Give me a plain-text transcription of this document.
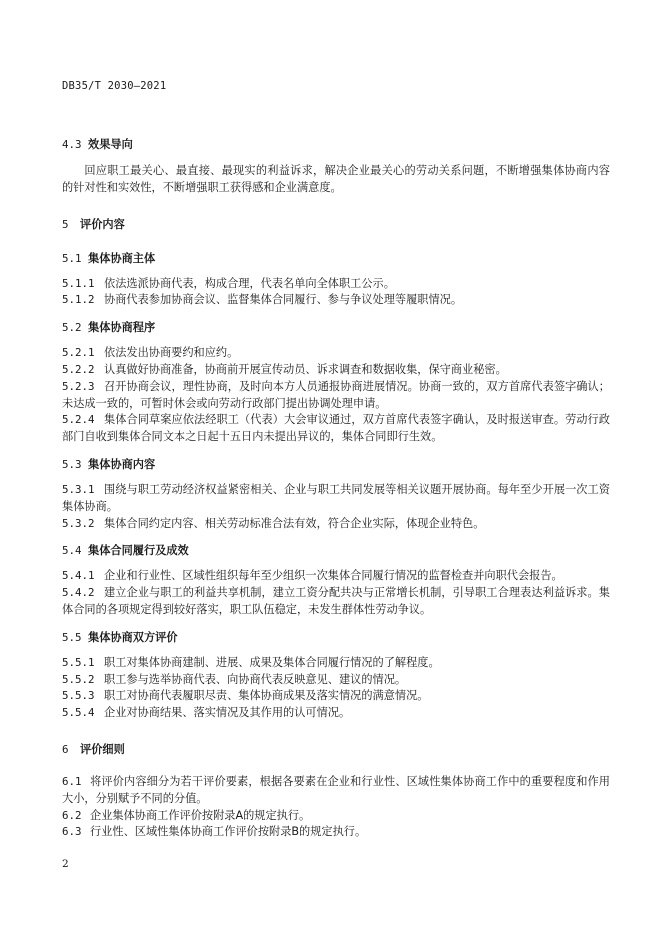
DB35/T 2030—2021
4.3 效果导向
回应职工最关心、最直接、最现实的利益诉求，解决企业最关心的劳动关系问题，不断增强集体协商内容的针对性和实效性，不断增强职工获得感和企业满意度。
5 评价内容
5.1 集体协商主体
5.1.1 依法选派协商代表，构成合理，代表名单向全体职工公示。
5.1.2 协商代表参加协商会议、监督集体合同履行、参与争议处理等履职情况。
5.2 集体协商程序
5.2.1 依法发出协商要约和应约。
5.2.2 认真做好协商准备，协商前开展宣传动员、诉求调查和数据收集，保守商业秘密。
5.2.3 召开协商会议，理性协商，及时向本方人员通报协商进展情况。协商一致的，双方首席代表签字确认；未达成一致的，可暂时休会或向劳动行政部门提出协调处理申请。
5.2.4 集体合同草案应依法经职工（代表）大会审议通过，双方首席代表签字确认，及时报送审查。劳动行政部门自收到集体合同文本之日起十五日内未提出异议的，集体合同即行生效。
5.3 集体协商内容
5.3.1 围绕与职工劳动经济权益紧密相关、企业与职工共同发展等相关议题开展协商。每年至少开展一次工资集体协商。
5.3.2 集体合同约定内容、相关劳动标准合法有效，符合企业实际，体现企业特色。
5.4 集体合同履行及成效
5.4.1 企业和行业性、区域性组织每年至少组织一次集体合同履行情况的监督检查并向职代会报告。
5.4.2 建立企业与职工的利益共享机制，建立工资分配共决与正常增长机制，引导职工合理表达利益诉求。集体合同的各项规定得到较好落实，职工队伍稳定，未发生群体性劳动争议。
5.5 集体协商双方评价
5.5.1 职工对集体协商建制、进展、成果及集体合同履行情况的了解程度。
5.5.2 职工参与选举协商代表、向协商代表反映意见、建议的情况。
5.5.3 职工对协商代表履职尽责、集体协商成果及落实情况的满意情况。
5.5.4 企业对协商结果、落实情况及其作用的认可情况。
6 评价细则
6.1 将评价内容细分为若干评价要素，根据各要素在企业和行业性、区域性集体协商工作中的重要程度和作用大小，分别赋予不同的分值。
6.2 企业集体协商工作评价按附录A的规定执行。
6.3 行业性、区域性集体协商工作评价按附录B的规定执行。
2
